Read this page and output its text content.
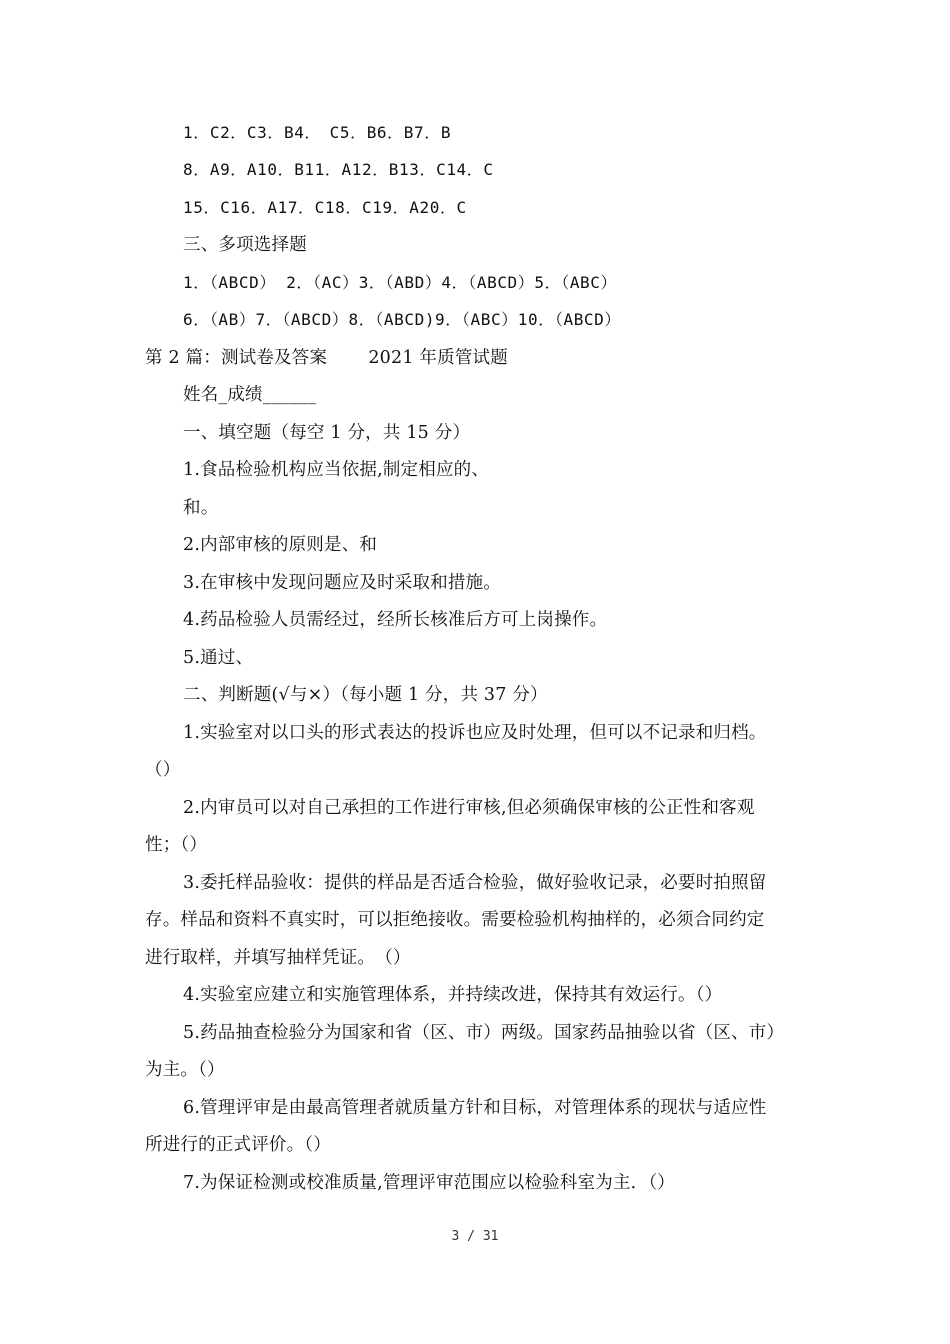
1．C2．C3．B4．　C5．B6．B7．B
8．A9．A10．B11．A12．B13．C14．C
15．C16．A17．C18．C19．A20．C
三、多项选择题
1．（ABCD） 2．（AC）3．（ABD）4．（ABCD）5．（ABC）
6．（AB）7．（ABCD）8．（ABCD)9．（ABC）10．（ABCD）
第 2 篇：测试卷及答案　　 2021 年质管试题
姓名_成绩______
一、填空题（每空 1 分，共 15 分）
1.食品检验机构应当依据,制定相应的、
和。
2.内部审核的原则是、和
3.在审核中发现问题应及时采取和措施。
4.药品检验人员需经过，经所长核准后方可上岗操作。
5.通过、
二、判断题(√与×）（每小题 1 分，共 37 分）
1.实验室对以口头的形式表达的投诉也应及时处理，但可以不记录和归档。
（）
2.内审员可以对自己承担的工作进行审核,但必须确保审核的公正性和客观
性；（）
3.委托样品验收：提供的样品是否适合检验，做好验收记录，必要时拍照留
存。样品和资料不真实时，可以拒绝接收。需要检验机构抽样的，必须合同约定
进行取样，并填写抽样凭证。　（）
4.实验室应建立和实施管理体系，并持续改进，保持其有效运行。（）
5.药品抽查检验分为国家和省（区、市）两级。国家药品抽验以省（区、市）
为主。（）
6.管理评审是由最高管理者就质量方针和目标，对管理体系的现状与适应性
所进行的正式评价。（）
7.为保证检测或校准质量,管理评审范围应以检验科室为主．（）
3 / 31
